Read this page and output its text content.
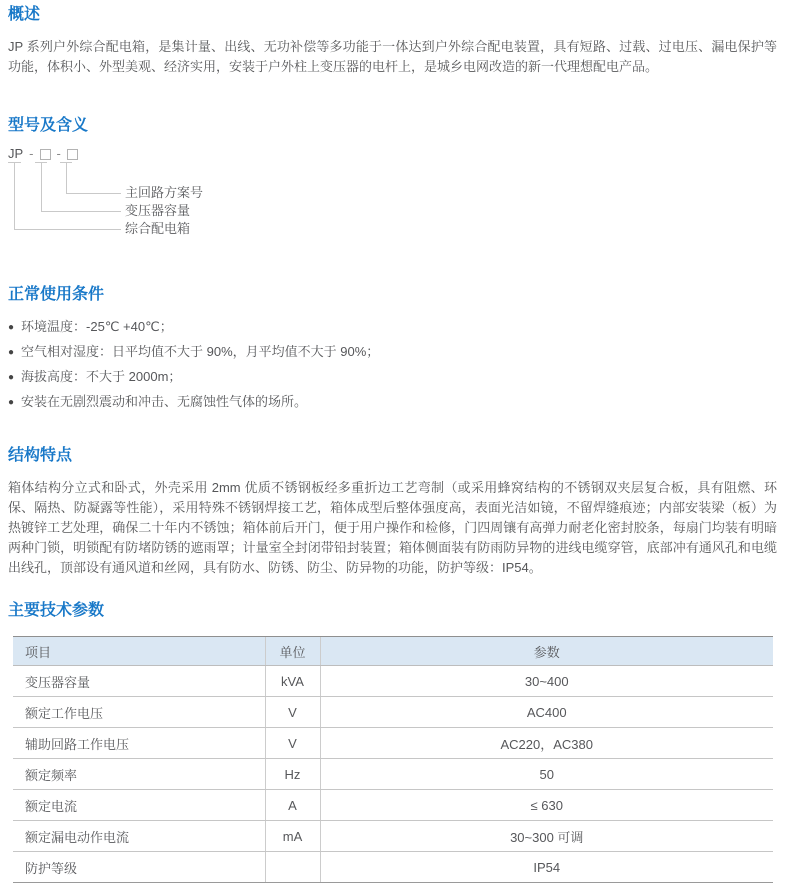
概述

JP 系列户外综合配电箱，是集计量、出线、无功补偿等多功能于一体达到户外综合配电装置，具有短路、过载、过电压、漏电保护等功能，体积小、外型美观、经济实用，安装于户外柱上变压器的电杆上，是城乡电网改造的新一代理想配电产品。

型号及含义
JP - -
主回路方案号
变压器容量
综合配电箱
正常使用条件
● 环境温度：-25℃ +40℃；
● 空气相对湿度：日平均值不大于 90%，月平均值不大于 90%；
● 海拔高度：不大于 2000m；
● 安装在无剧烈震动和冲击、无腐蚀性气体的场所。
结构特点

箱体结构分立式和卧式，外壳采用 2mm 优质不锈钢板经多重折边工艺弯制（或采用蜂窝结构的不锈钢双夹层复合板，具有阻燃、环保、隔热、防凝露等性能），采用特殊不锈钢焊接工艺，箱体成型后整体强度高，表面光洁如镜，不留焊缝痕迹；内部安装梁（板）为热镀锌工艺处理，确保二十年内不锈蚀；箱体前后开门，便于用户操作和检修，门四周镶有高弹力耐老化密封胶条，每扇门均装有明暗两种门锁，明锁配有防堵防锈的遮雨罩；计量室全封闭带铅封装置；箱体侧面装有防雨防异物的进线电缆穿管，底部冲有通风孔和电缆出线孔，顶部设有通风道和丝网，具有防水、防锈、防尘、防异物的功能，防护等级：IP54。

主要技术参数
项目	单位	参数
变压器容量	kVA	30~400
额定工作电压	V	AC400
辅助回路工作电压	V	AC220，AC380
额定频率	Hz	50
额定电流	A	≤ 630
额定漏电动作电流	mA	30~300 可调
防护等级		IP54
